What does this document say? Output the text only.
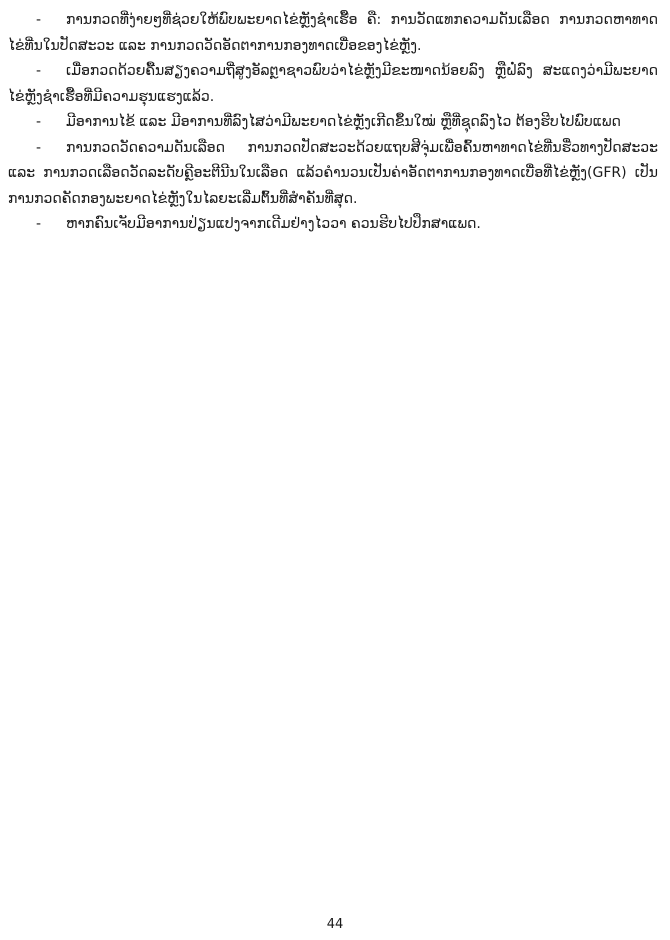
- ການກວດທີ່ງ່າຍໆທີ່ຊ່ວຍໃຫ້ພົບພະຍາດໄຂ່ຫຼັງຊໍາເຮື້ອ ຄື: ການວັດແທກຄວາມດັນເລືອດ ການກວດຫາທາດໄຂ່ທີ່ນໃນປັດສະວະ ແລະ ການກວດວັດອັດຕາການກອງທາດເບື່ອຂອງໄຂ່ຫຼັງ.

- ເມື່ອກວດດ້ວຍຄື້ນສຽງຄວາມຖີ່ສູງອັລຕຼາຊາວພົບວ່າໄຂ່ຫຼັງມີຂະໜາດນ້ອຍລົງ ຫຼືຝໍ່ລົງ ສະແດງວ່າມີພະຍາດໄຂ່ຫຼັງຊໍາເຮື້ອທີ່ມີຄວາມຮຸນແຮງແລ້ວ.

- ມີອາການໄຂ້ ແລະ ມີອາການທີ່ລົງໄສວ່າມີພະຍາດໄຂ່ຫຼັງເກີດຂຶ້ນໃໝ່ ຫຼືທີ່ຊຸດລົງໄວ ຕ້ອງຮີບໄປພົບແພດ

- ການກວດວັດຄວາມດັນເລືອດ ການກວດປັດສະວະດ້ວຍແຖບສີຈຸ່ມເພື່ອຄົ້ນຫາທາດໄຂ່ທີ່ນຮື່ວທາງປັດສະວະ ແລະ ການກວດເລືອດວັດລະດັບຄຼີອະຕີນີນໃນເລືອດ ແລ້ວຄໍານວນເປັນຄ່າອັດຕາການກອງທາດເບື່ອທີ່ໄຂ່ຫຼັງ(GFR) ເປັນການກວດຄັດກອງພະຍາດໄຂ່ຫຼັງໃນໄລຍະເລີ່ມຕົ້ນທີ່ສໍາຄັນທີ່ສຸດ.

- ຫາກຄົນເຈັບມີອາການປ່ຽນແປງຈາກເດີມຢ່າງໄວວາ ຄວນຮີບໄປປຶກສາແພດ.

44
